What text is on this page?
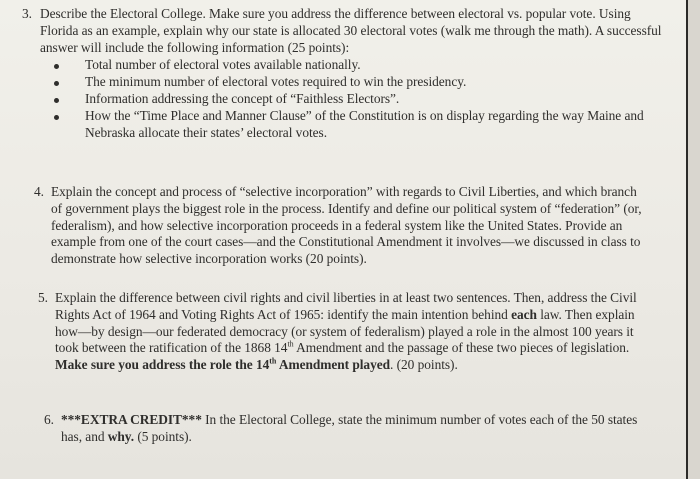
3. Describe the Electoral College. Make sure you address the difference between electoral vs. popular vote. Using Florida as an example, explain why our state is allocated 30 electoral votes (walk me through the math). A successful answer will include the following information (25 points):

Total number of electoral votes available nationally.
The minimum number of electoral votes required to win the presidency.
Information addressing the concept of “Faithless Electors”.
How the “Time Place and Manner Clause” of the Constitution is on display regarding the way Maine and Nebraska allocate their states’ electoral votes.
4. Explain the concept and process of “selective incorporation” with regards to Civil Liberties, and which branch of government plays the biggest role in the process. Identify and define our political system of “federation” (or, federalism), and how selective incorporation proceeds in a federal system like the United States. Provide an example from one of the court cases—and the Constitutional Amendment it involves—we discussed in class to demonstrate how selective incorporation works (20 points).

5. Explain the difference between civil rights and civil liberties in at least two sentences. Then, address the Civil Rights Act of 1964 and Voting Rights Act of 1965: identify the main intention behind each law. Then explain how—by design—our federated democracy (or system of federalism) played a role in the almost 100 years it took between the ratification of the 1868 14th Amendment and the passage of these two pieces of legislation. Make sure you address the role the 14th Amendment played. (20 points).

6. ***EXTRA CREDIT*** In the Electoral College, state the minimum number of votes each of the 50 states has, and why. (5 points).
